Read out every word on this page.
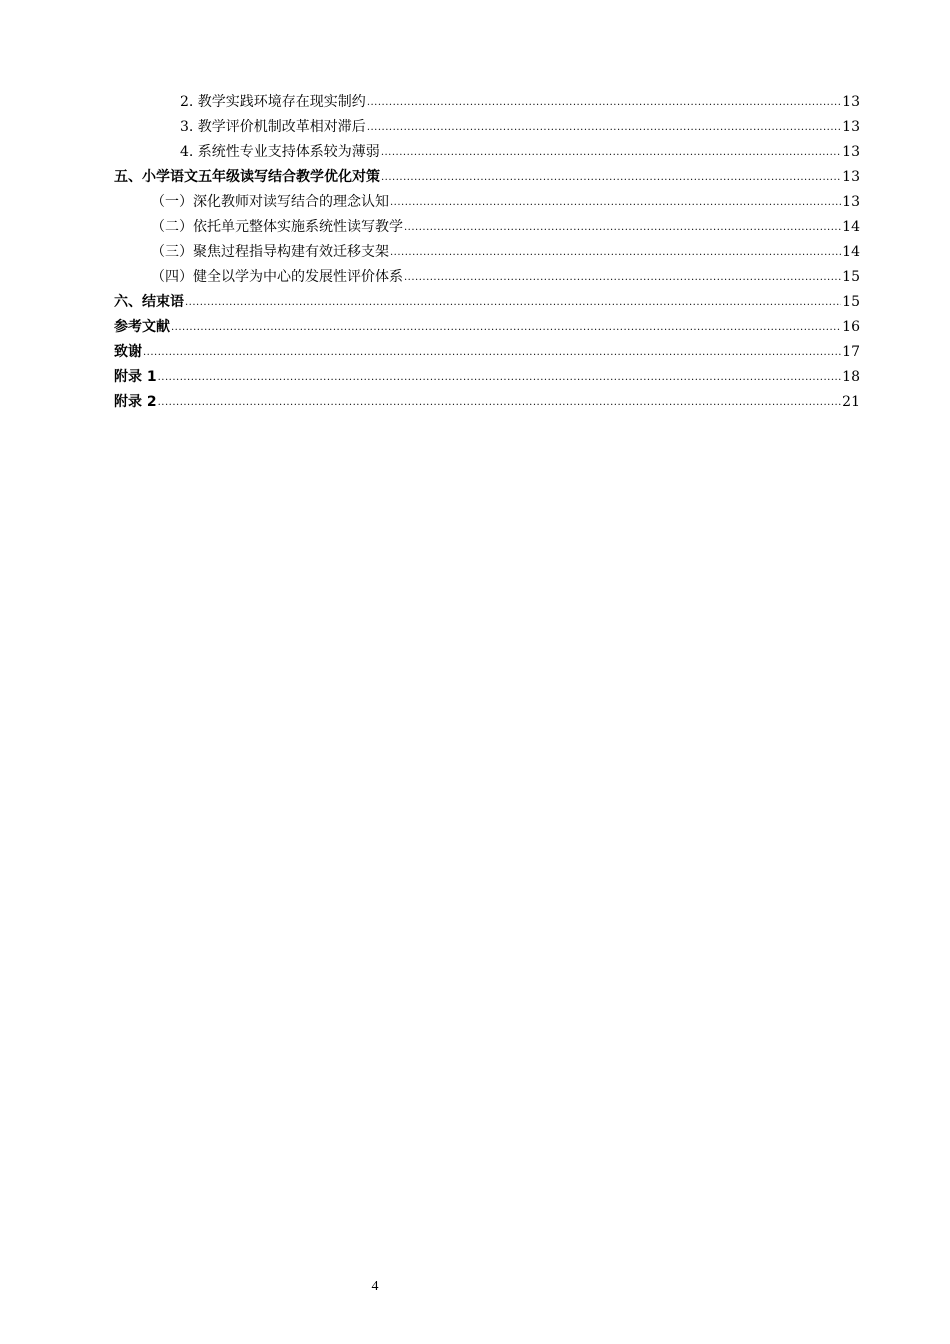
2. 教学实践环境存在现实制约 .....	13
3. 教学评价机制改革相对滞后 .....	13
4. 系统性专业支持体系较为薄弱 .....	13
五、小学语文五年级读写结合教学优化对策 .....	13
（一）深化教师对读写结合的理念认知 .....	13
（二）依托单元整体实施系统性读写教学 .....	14
（三）聚焦过程指导构建有效迁移支架 .....	14
（四）健全以学为中心的发展性评价体系 .....	15
六、结束语 .....	15
参考文献 .....	16
致谢 .....	17
附录 1 .....	18
附录 2 .....	21
4
